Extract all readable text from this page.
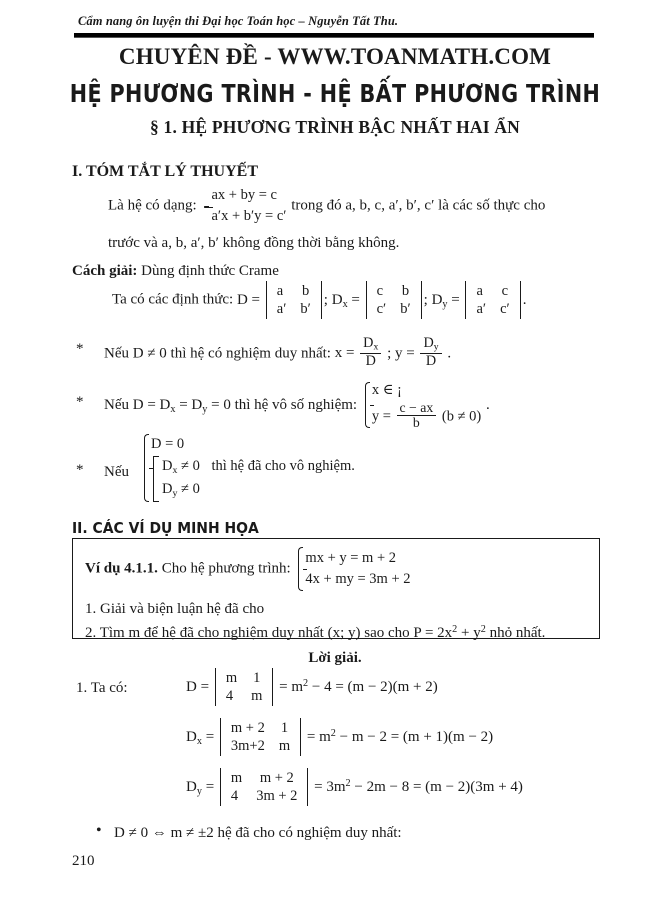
Cẩm nang ôn luyện thi Đại học Toán học – Nguyễn Tất Thu.
CHUYÊN ĐỀ - WWW.TOANMATH.COM
HỆ PHƯƠNG TRÌNH - HỆ BẤT PHƯƠNG TRÌNH
§ 1. HỆ PHƯƠNG TRÌNH BẬC NHẤT HAI ẨN
I. TÓM TẮT LÝ THUYẾT
Là hệ có dạng:
ax + by = c
a′x + b′y = c′
trong đó a, b, c, a′, b′, c′ là các số thực cho
trước và a, b, a′, b′ không đồng thời bằng không.
Cách giải: Dùng định thức Crame
Ta có các định thức: D =
a	b
a′	b′
; $D_x$ =
c	b
c′	b′
; $D_y$ =
a	c
a′	c′
.
* Nếu D ≠ 0 thì hệ có nghiệm duy nhất: $x = \frac{D_x}{D}$ ; $y = \frac{D_y}{D}$ .
* Nếu $D = D_x = D_y = 0$ thì hệ vô số nghiệm:
x ∈ ¡
$y = \frac{c - ax}{b} (b \ne 0)$
.
* Nếu
D = 0
$D_x \ne 0$ thì hệ đã cho vô nghiệm.
$D_y \ne 0$
II. CÁC VÍ DỤ MINH HỌA
Ví dụ 4.1.1. Cho hệ phương trình:
mx + y = m + 2
4x + my = 3m + 2
1. Giải và biện luận hệ đã cho
2. Tìm m để hệ đã cho nghiệm duy nhất (x; y) sao cho $P = 2x^2 + y^2$ nhỏ nhất.
Lời giải.
1. Ta có:	D =
m	1
4	m
= $m^2 - 4 = (m - 2)(m + 2)$
$D_x$ =
m + 2	1
3m+2	m
= $m^2 - m - 2 = (m + 1)(m - 2)$
$D_y$ =
m	m + 2
4	3m + 2
= $3m^2 - 2m - 8 = (m - 2)(3m + 4)$
• D ≠ 0 ⇔ m ≠ ±2 hệ đã cho có nghiệm duy nhất:
210
